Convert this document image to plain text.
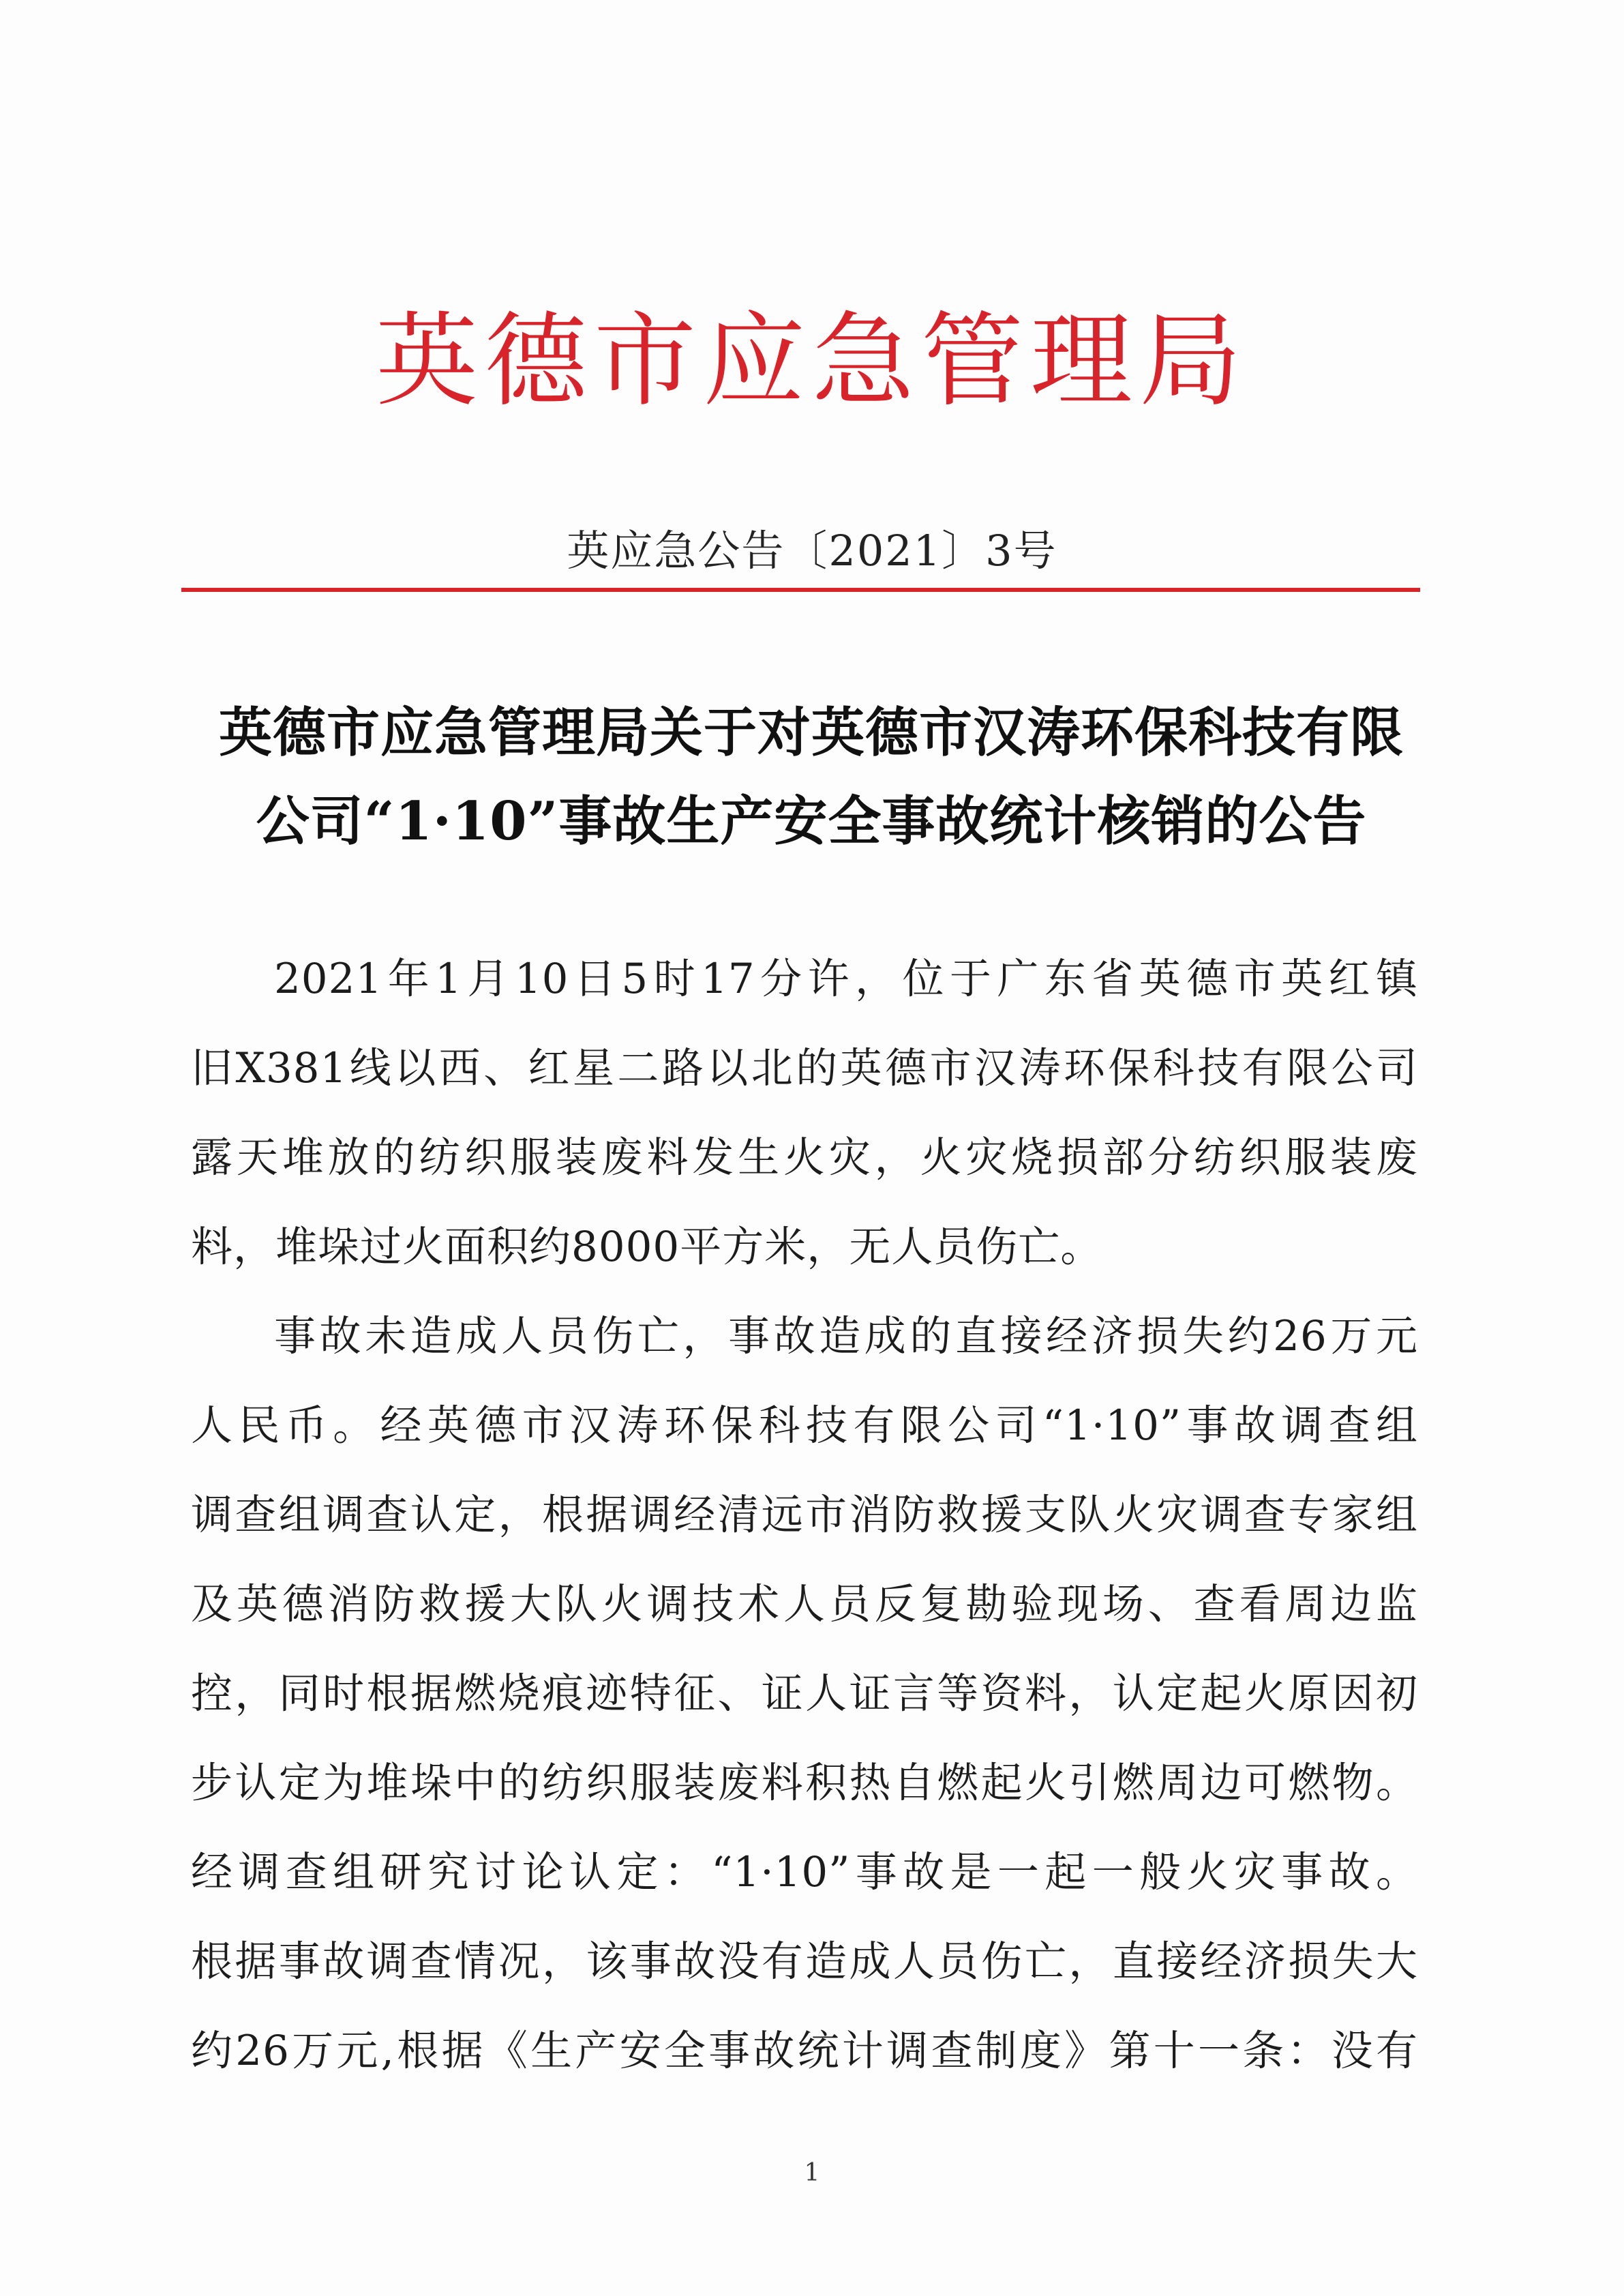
英德市应急管理局
英应急公告〔2021〕3号
英德市应急管理局关于对英德市汉涛环保科技有限
公司“1·10”事故生产安全事故统计核销的公告
2021年1月10日5时17分许，位于广东省英德市英红镇
旧X381线以西、红星二路以北的英德市汉涛环保科技有限公司
露天堆放的纺织服装废料发生火灾，火灾烧损部分纺织服装废
料，堆垛过火面积约8000平方米，无人员伤亡。
事故未造成人员伤亡，事故造成的直接经济损失约26万元
人民币。经英德市汉涛环保科技有限公司“1·10”事故调查组
调查组调查认定，根据调经清远市消防救援支队火灾调查专家组
及英德消防救援大队火调技术人员反复勘验现场、查看周边监
控，同时根据燃烧痕迹特征、证人证言等资料，认定起火原因初
步认定为堆垛中的纺织服装废料积热自燃起火引燃周边可燃物。
经调查组研究讨论认定：“1·10”事故是一起一般火灾事故。
根据事故调查情况，该事故没有造成人员伤亡，直接经济损失大
约26万元,根据《生产安全事故统计调查制度》第十一条：没有
1
